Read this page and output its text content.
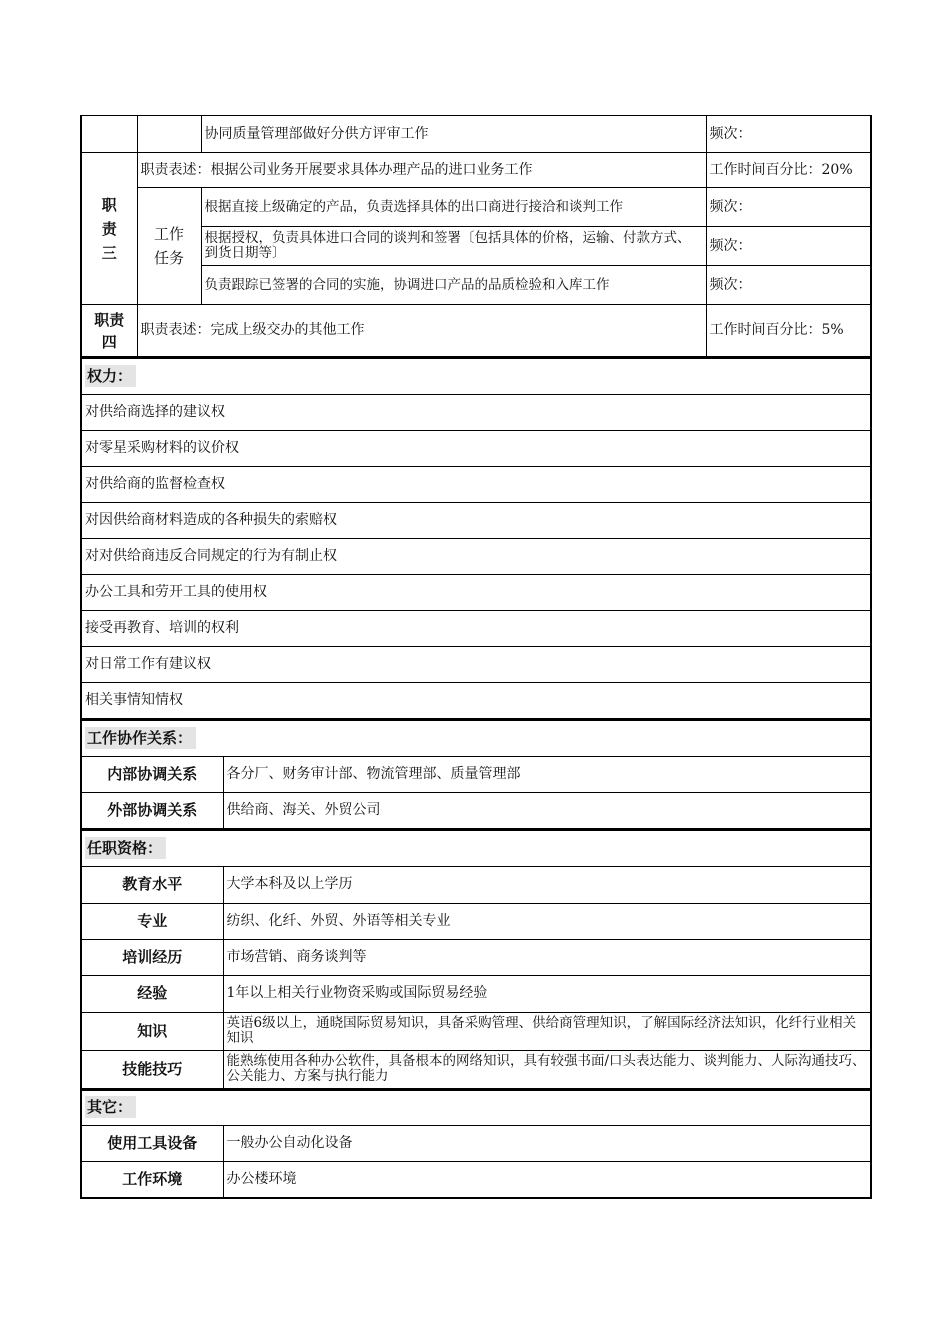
		协同质量管理部做好分供方评审工作	频次：

职
责
三	职责表述：根据公司业务开展要求具体办理产品的进口业务工作		工作时间百分比：20%

	工作
任务	根据直接上级确定的产品，负责选择具体的出口商进行接洽和谈判工作	频次：
		根据授权，负责具体进口合同的谈判和签署〔包括具体的价格，运输、付款方式、到货日期等〕	频次：
		负责跟踪已签署的合同的实施，协调进口产品的品质检验和入库工作	频次：

职责
四	职责表述：完成上级交办的其他工作		工作时间百分比：5%
权力：
对供给商选择的建议权
对零星采购材料的议价权
对供给商的监督检查权
对因供给商材料造成的各种损失的索赔权
对对供给商违反合同规定的行为有制止权
办公工具和劳开工具的使用权
接受再教育、培训的权利
对日常工作有建议权
相关事情知情权
工作协作关系：	
内部协调关系	各分厂、财务审计部、物流管理部、质量管理部
外部协调关系	供给商、海关、外贸公司
任职资格：	
教育水平	大学本科及以上学历
专业	纺织、化纤、外贸、外语等相关专业
培训经历	市场营销、商务谈判等
经验	1年以上相关行业物资采购或国际贸易经验
知识	英语6级以上，通晓国际贸易知识，具备采购管理、供给商管理知识，了解国际经济法知识，化纤行业相关知识
技能技巧	能熟练使用各种办公软件，具备根本的网络知识，具有较强书面/口头表达能力、谈判能力、人际沟通技巧、公关能力、方案与执行能力
其它：	
使用工具设备	一般办公自动化设备
工作环境	办公楼环境
